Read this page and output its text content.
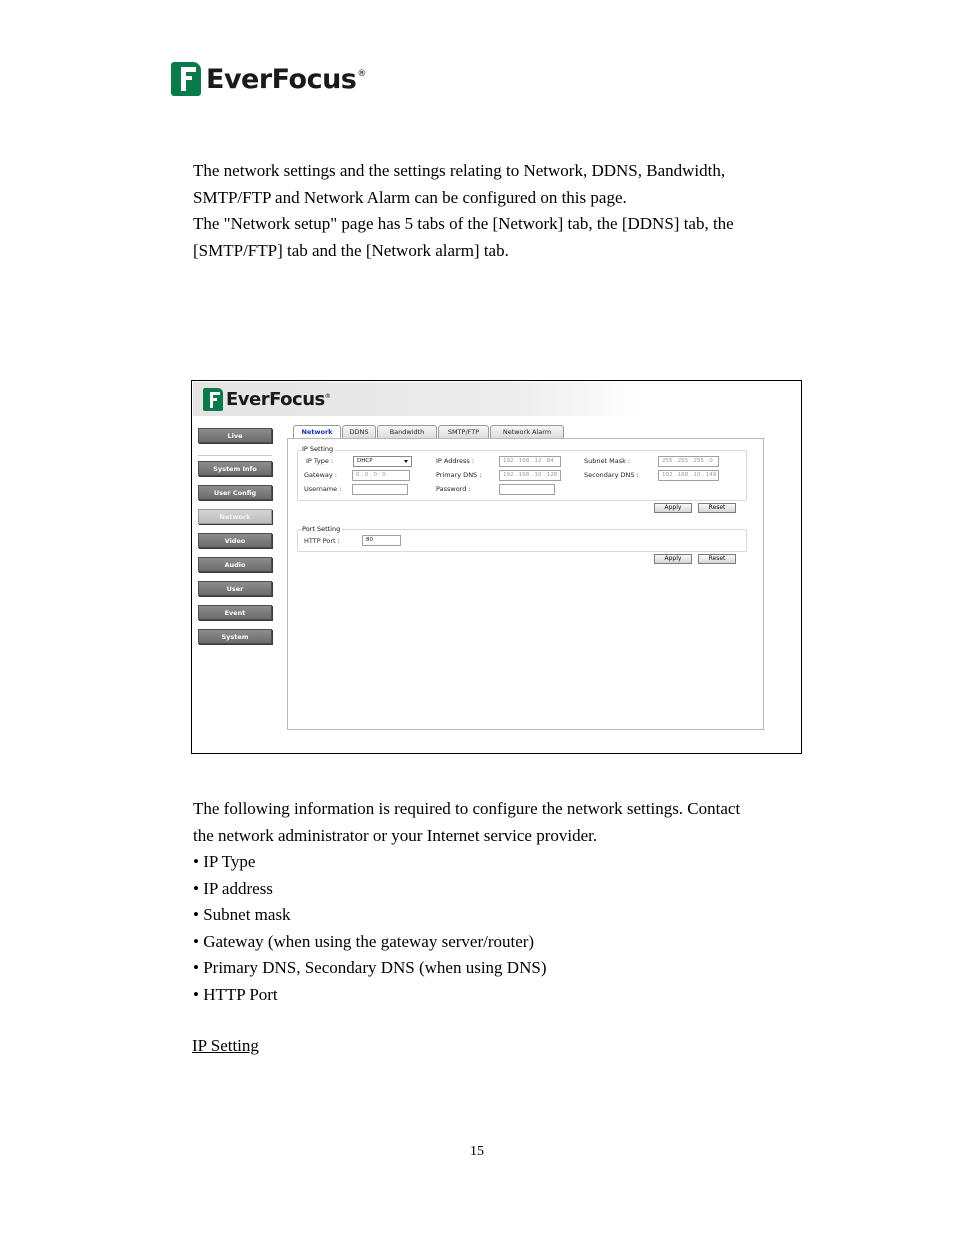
EverFocus ®
The network settings and the settings relating to Network, DDNS, Bandwidth,
SMTP/FTP and Network Alarm can be configured on this page.
The "Network setup" page has 5 tabs of the [Network] tab, the [DDNS] tab, the
[SMTP/FTP] tab and the [Network alarm] tab.
EverFocus ®
Live
System Info
User Config
Network
Video
Audio
User
Event
System
Network	DDNS	Bandwidth	SMTP/FTP	Network Alarm
IP Setting
IP Type :	DHCP	IP Address :	192 . 168 . 12 . 84	Subnet Mask :	255 . 255 . 255 . 0
Gateway :	0 . 0 . 0 . 0	Primary DNS :	192 . 168 . 10 . 128	Secondary DNS :	192 . 168 . 10 . 149
Username :	Password :
Apply	Reset
Port Setting
HTTP Port :	80
Apply	Reset
The following information is required to configure the network settings. Contact
the network administrator or your Internet service provider.
• IP Type
• IP address
• Subnet mask
• Gateway (when using the gateway server/router)
• Primary DNS, Secondary DNS (when using DNS)
• HTTP Port
IP Setting
15
